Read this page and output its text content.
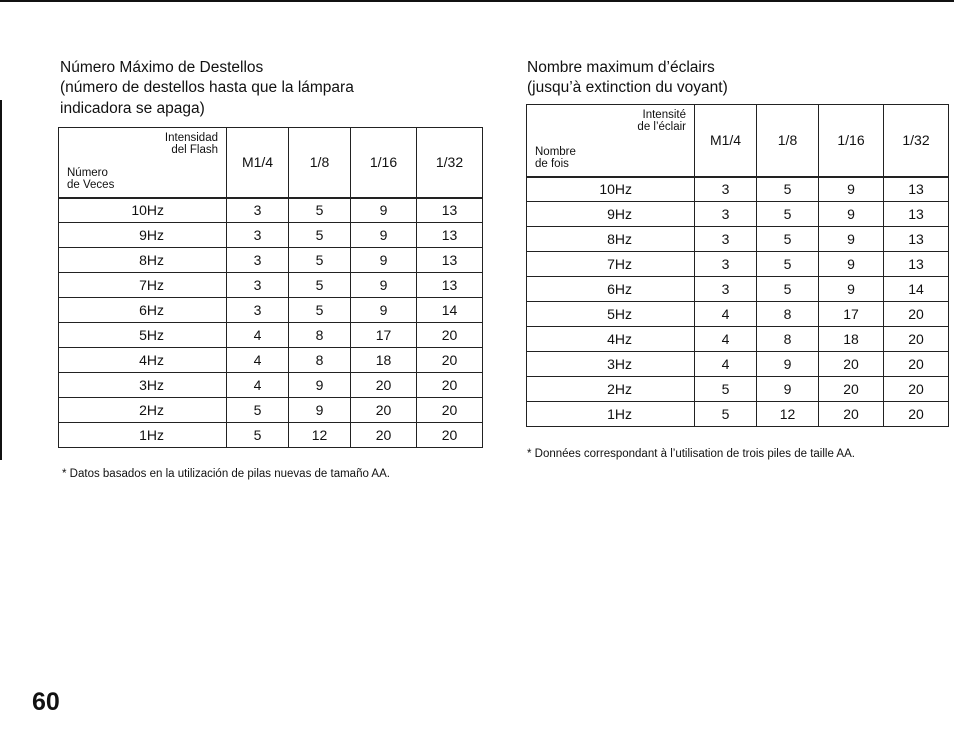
Número Máximo de Destellos

(número de destellos hasta que la lámpara

indicadora se apaga)

Intensidad
del Flash
Número
de Veces	M1/4	1/8	1/16	1/32
10Hz	3	5	9	13
9Hz	3	5	9	13
8Hz	3	5	9	13
7Hz	3	5	9	13
6Hz	3	5	9	14
5Hz	4	8	17	20
4Hz	4	8	18	20
3Hz	4	9	20	20
2Hz	5	9	20	20
1Hz	5	12	20	20
* Datos basados en la utilización de pilas nuevas de tamaño AA.
Nombre maximum d’éclairs

(jusqu’à extinction du voyant)

Intensité
de l’éclair
Nombre
de fois	M1/4	1/8	1/16	1/32
10Hz	3	5	9	13
9Hz	3	5	9	13
8Hz	3	5	9	13
7Hz	3	5	9	13
6Hz	3	5	9	14
5Hz	4	8	17	20
4Hz	4	8	18	20
3Hz	4	9	20	20
2Hz	5	9	20	20
1Hz	5	12	20	20
* Données correspondant à l’utilisation de trois piles de taille AA.
60
